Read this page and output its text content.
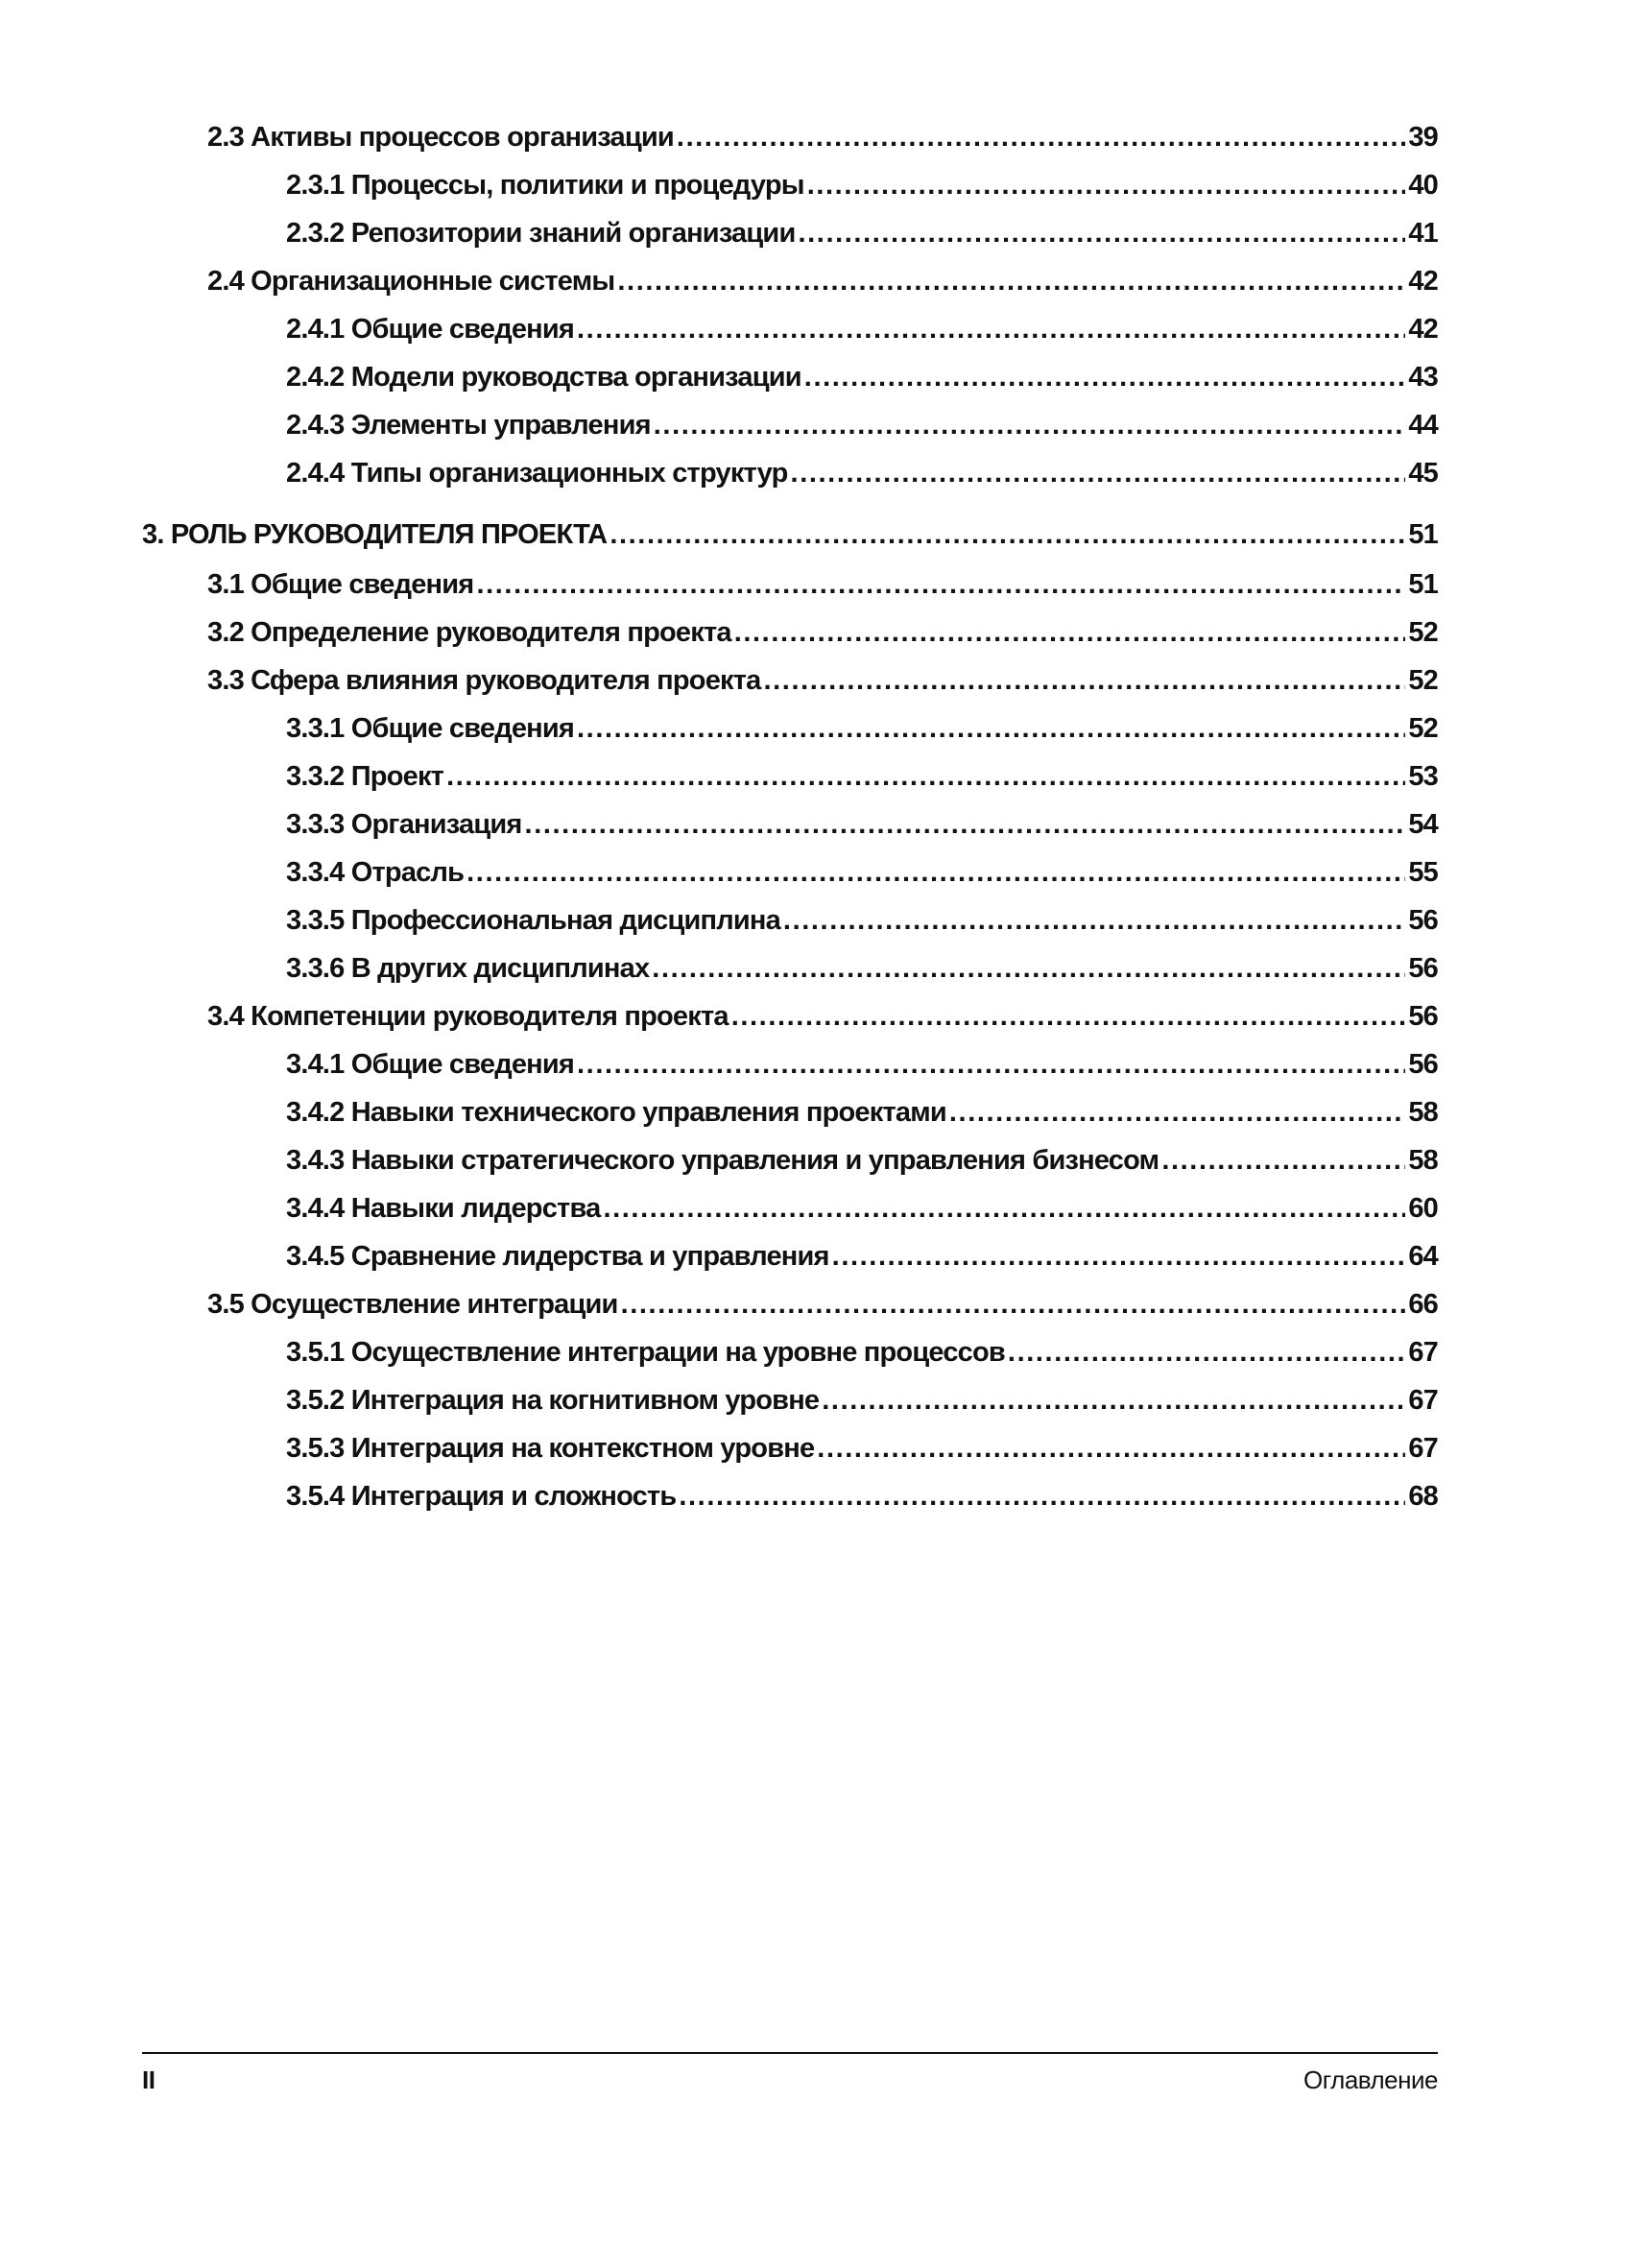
2.3 Активы процессов организации .....	39
2.3.1 Процессы, политики и процедуры .....	40
2.3.2 Репозитории знаний организации .....	41
2.4 Организационные системы .....	42
2.4.1 Общие сведения .....	42
2.4.2 Модели руководства организации .....	43
2.4.3 Элементы управления .....	44
2.4.4 Типы организационных структур .....	45
3. РОЛЬ РУКОВОДИТЕЛЯ ПРОЕКТА .....	51
3.1 Общие сведения .....	51
3.2 Определение руководителя проекта .....	52
3.3 Сфера влияния руководителя проекта .....	52
3.3.1 Общие сведения .....	52
3.3.2 Проект .....	53
3.3.3 Организация .....	54
3.3.4 Отрасль .....	55
3.3.5 Профессиональная дисциплина .....	56
3.3.6 В других дисциплинах .....	56
3.4 Компетенции руководителя проекта .....	56
3.4.1 Общие сведения .....	56
3.4.2 Навыки технического управления проектами .....	58
3.4.3 Навыки стратегического управления и управления бизнесом .....	58
3.4.4 Навыки лидерства .....	60
3.4.5 Сравнение лидерства и управления .....	64
3.5 Осуществление интеграции .....	66
3.5.1 Осуществление интеграции на уровне процессов .....	67
3.5.2 Интеграция на когнитивном уровне .....	67
3.5.3 Интеграция на контекстном уровне .....	67
3.5.4 Интеграция и сложность .....	68
II	Оглавление
